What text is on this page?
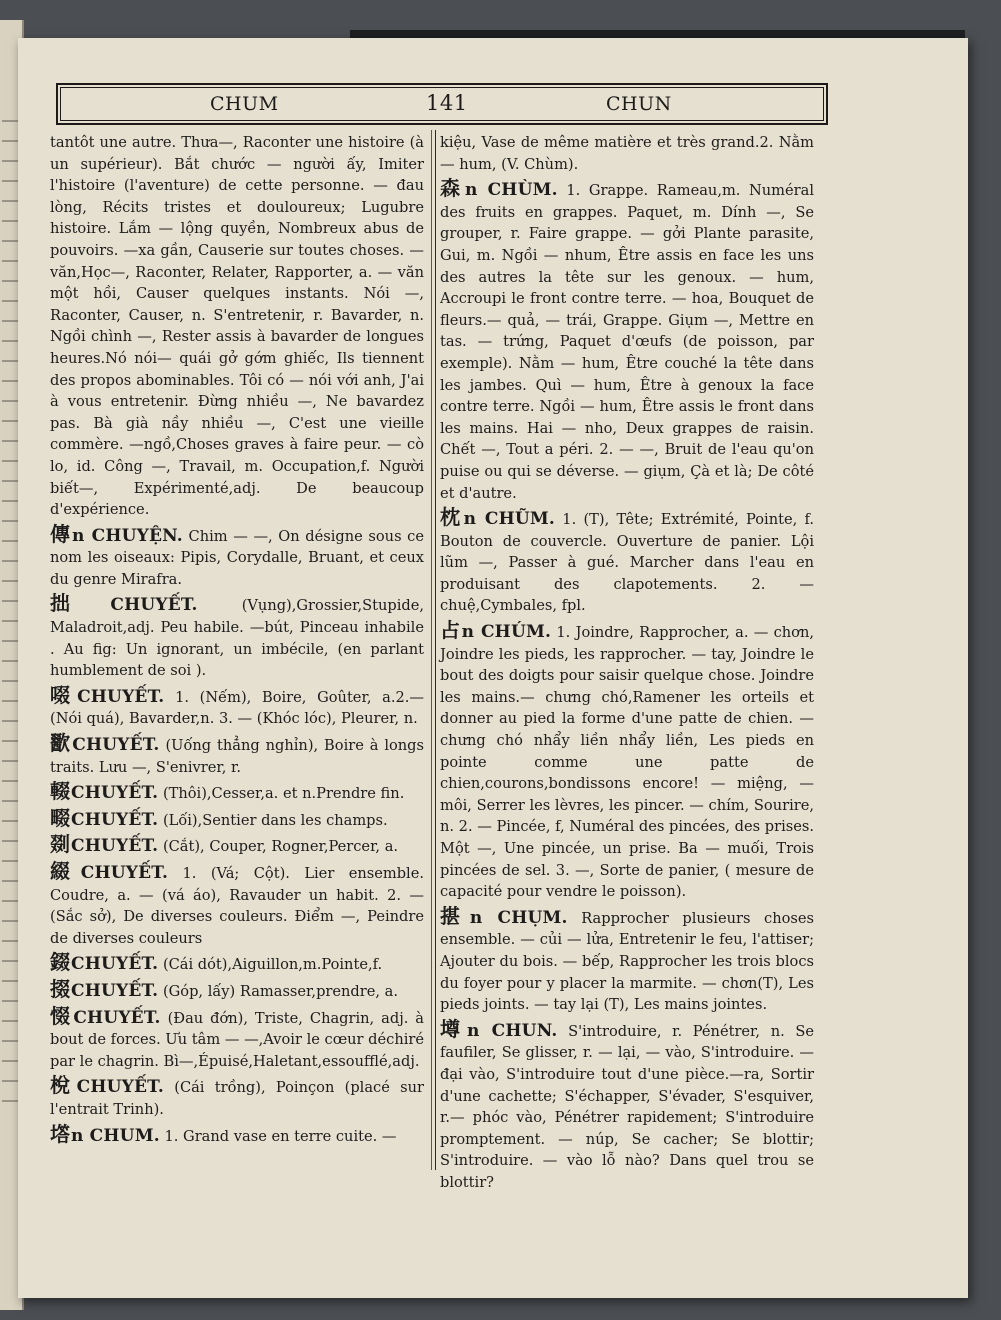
CHUM	141	CHUN

tantôt une autre. Thưa—, Raconter une histoire (à un supérieur). Bắt chước — người ấy, Imiter l'histoire (l'aventure) de cette personne. — đau lòng, Récits tristes et douloureux; Lugubre histoire. Lắm — lộng quyền, Nombreux abus de pouvoirs. —xa gần, Causerie sur toutes choses. —văn,Học—, Raconter, Relater, Rapporter, a. — văn một hồi, Causer quelques instants. Nói —, Raconter, Causer, n. S'entretenir, r. Bavarder, n. Ngồi chình —, Rester assis à bavarder de longues heures.Nó nói— quái gở gớm ghiếc, Ils tiennent des propos abominables. Tôi có — nói với anh, J'ai à vous entretenir. Đừng nhiều —, Ne bavardez pas. Bà già nầy nhiều —, C'est une vieille commère. —ngồ,Choses graves à faire peur. — cò lo, id. Công —, Travail, m. Occupation,f. Người biết—, Expérimenté,adj. De beaucoup d'expérience.

傳 n CHUYỆN. Chim — —, On désigne sous ce nom les oiseaux: Pipis, Corydalle, Bruant, et ceux du genre Mirafra.

拙 CHUYẾT.	(Vụng),Grossier,Stupide, Maladroit,adj. Peu habile. —bút, Pinceau inhabile . Au fig: Un ignorant, un imbécile, (en parlant humblement de soi ).

啜 CHUYẾT. 1. (Nếm), Boire, Goûter, a.2.— (Nói quá), Bavarder,n. 3. — (Khóc lóc), Pleurer, n.

歠 CHUYẾT. (Uống thẳng nghỉn), Boire à longs traits. Lưu —, S'enivrer, r.

輟 CHUYẾT. (Thôi),Cesser,a. et n.Prendre fin.

畷 CHUYẾT. (Lối),Sentier dans les champs.

剟 CHUYẾT. (Cắt), Couper, Rogner,Percer, a.

綴 CHUYẾT. 1. (Vá; Cột). Lier ensemble. Coudre, a. — (vá áo), Ravauder un habit. 2. — (Sắc sở), De diverses couleurs. Điểm —, Peindre de diverses couleurs

錣 CHUYẾT. (Cái dót),Aiguillon,m.Pointe,f.

掇 CHUYẾT. (Góp, lấy) Ramasser,prendre, a.

惙 CHUYẾT. (Đau đớn), Triste, Chagrin, adj. à bout de forces. Ưu tâm — —,Avoir le cœur déchiré par le chagrin. Bì—,Épuisé,Haletant,essoufflé,adj.

梲 CHUYẾT. (Cái trồng), Poinçon (placé sur l'entrait Trinh).

㙮 n CHUM. 1. Grand vase en terre cuite. —

kiệu, Vase de même matière et très grand.2. Nằm — hum, (V. Chùm).

森 n CHÙM. 1. Grappe. Rameau,m. Numéral des fruits en grappes. Paquet, m. Dính —, Se grouper, r. Faire grappe. — gởi Plante parasite, Gui, m. Ngồi — nhum, Être assis en face les uns des autres la tête sur les genoux. — hum, Accroupi le front contre terre. — hoa, Bouquet de fleurs.— quả, — trái, Grappe. Giụm —, Mettre en tas. — trứng, Paquet d'œufs (de poisson, par exemple). Nằm — hum, Être couché la tête dans les jambes. Quì — hum, Être à genoux la face contre terre. Ngồi — hum, Être assis le front dans les mains. Hai — nho, Deux grappes de raisin. Chết —, Tout a péri. 2. — —, Bruit de l'eau qu'on puise ou qui se déverse. — giụm, Çà et là; De côté et d'autre.

枕 n CHŨM. 1. (T), Tête; Extrémité, Pointe, f. Bouton de couvercle. Ouverture de panier. Lội lũm —, Passer à gué. Marcher dans l'eau en produisant des clapotements. 2. — chuệ,Cymbales, fpl.

占 n CHÚM. 1. Joindre, Rapprocher, a. — chơn, Joindre les pieds, les rapprocher. — tay, Joindre le bout des doigts pour saisir quelque chose. Joindre les mains.— chưng chó,Ramener les orteils et donner au pied la forme d'une patte de chien. — chưng chó nhẩy liền nhẩy liền, Les pieds en pointe comme une patte de chien,courons,bondissons encore! — miệng, — môi, Serrer les lèvres, les pincer. — chím, Sourire, n. 2. — Pincée, f, Numéral des pincées, des prises. Một —, Une pincée, un prise. Ba — muối, Trois pincées de sel. 3. —, Sorte de panier, ( mesure de capacité pour vendre le poisson).

揕 n CHỤM. Rapprocher plusieurs choses ensemble. — củi — lửa, Entretenir le feu, l'attiser; Ajouter du bois. — bếp, Rapprocher les trois blocs du foyer pour y placer la marmite. — chơn(T), Les pieds joints. — tay lại (T), Les mains jointes.

墫 n CHUN. S'introduire, r. Pénétrer, n. Se faufiler, Se glisser, r. — lại, — vào, S'introduire. —đại vào, S'introduire tout d'une pièce.—ra, Sortir d'une cachette; S'échapper, S'évader, S'esquiver, r.— phóc vào, Pénétrer rapidement; S'introduire promptement. — núp, Se cacher; Se blottir; S'introduire. — vào lỗ nào? Dans quel trou se blottir?
